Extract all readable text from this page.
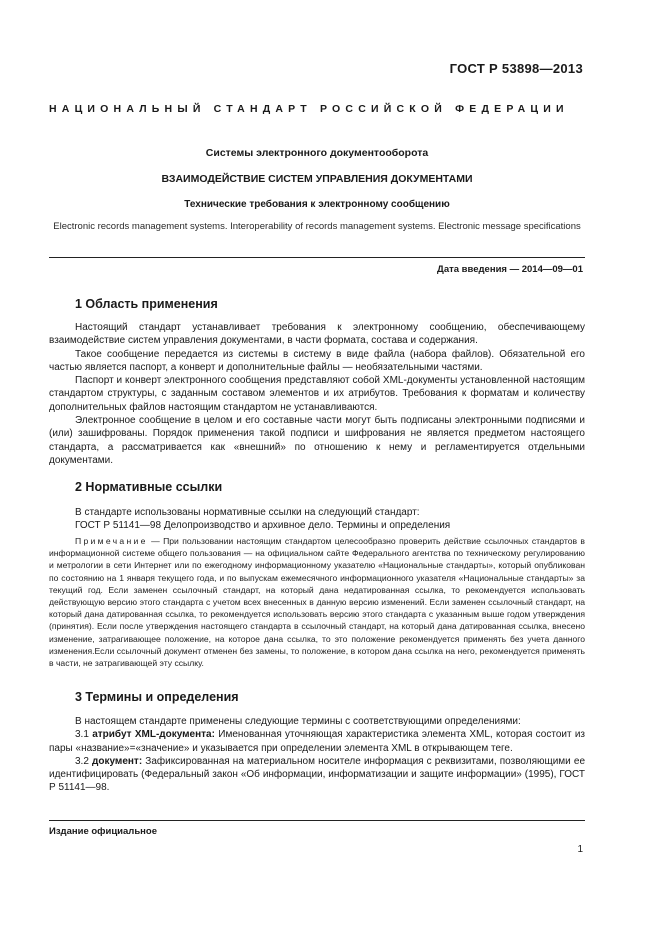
ГОСТ Р 53898—2013
НАЦИОНАЛЬНЫЙ СТАНДАРТ РОССИЙСКОЙ ФЕДЕРАЦИИ
Системы электронного документооборота
ВЗАИМОДЕЙСТВИЕ СИСТЕМ УПРАВЛЕНИЯ ДОКУМЕНТАМИ
Технические требования к электронному сообщению
Electronic records management systems. Interoperability of records management systems. Electronic message specifications
Дата введения — 2014—09—01
1 Область применения

Настоящий стандарт устанавливает требования к электронному сообщению, обеспечивающему взаимодействие систем управления документами, в части формата, состава и содержания.

Такое сообщение передается из системы в систему в виде файла (набора файлов). Обязательной его частью является паспорт, а конверт и дополнительные файлы — необязательными частями.

Паспорт и конверт электронного сообщения представляют собой XML-документы установленной настоящим стандартом структуры, с заданным составом элементов и их атрибутов. Требования к форматам и количеству дополнительных файлов настоящим стандартом не устанавливаются.

Электронное сообщение в целом и его составные части могут быть подписаны электронными подписями и (или) зашифрованы. Порядок применения такой подписи и шифрования не является предметом настоящего стандарта, а рассматривается как «внешний» по отношению к нему и регламентируется отдельными документами.

2 Нормативные ссылки

В стандарте использованы нормативные ссылки на следующий стандарт:

ГОСТ Р 51141—98 Делопроизводство и архивное дело. Термины и определения

Примечание — При пользовании настоящим стандартом целесообразно проверить действие ссылочных стандартов в информационной системе общего пользования — на официальном сайте Федерального агентства по техническому регулированию и метрологии в сети Интернет или по ежегодному информационному указателю «Национальные стандарты», который опубликован по состоянию на 1 января текущего года, и по выпускам ежемесячного информационного указателя «Национальные стандарты» за текущий год. Если заменен ссылочный стандарт, на который дана недатированная ссылка, то рекомендуется использовать действующую версию этого стандарта с учетом всех внесенных в данную версию изменений. Если заменен ссылочный стандарт, на который дана датированная ссылка, то рекомендуется использовать версию этого стандарта с указанным выше годом утверждения (принятия). Если после утверждения настоящего стандарта в ссылочный стандарт, на который дана датированная ссылка, внесено изменение, затрагивающее положение, на которое дана ссылка, то это положение рекомендуется применять без учета данного изменения.Если ссылочный документ отменен без замены, то положение, в котором дана ссылка на него, рекомендуется применять в части, не затрагивающей эту ссылку.

3 Термины и определения

В настоящем стандарте применены следующие термины с соответствующими определениями:

3.1 атрибут XML-документа: Именованная уточняющая характеристика элемента XML, которая состоит из пары «название»=«значение» и указывается при определении элемента XML в открывающем теге.

3.2 документ: Зафиксированная на материальном носителе информация с реквизитами, позволяющими ее идентифицировать (Федеральный закон «Об информации, информатизации и защите информации» (1995), ГОСТ Р 51141—98.

Издание официальное
1
